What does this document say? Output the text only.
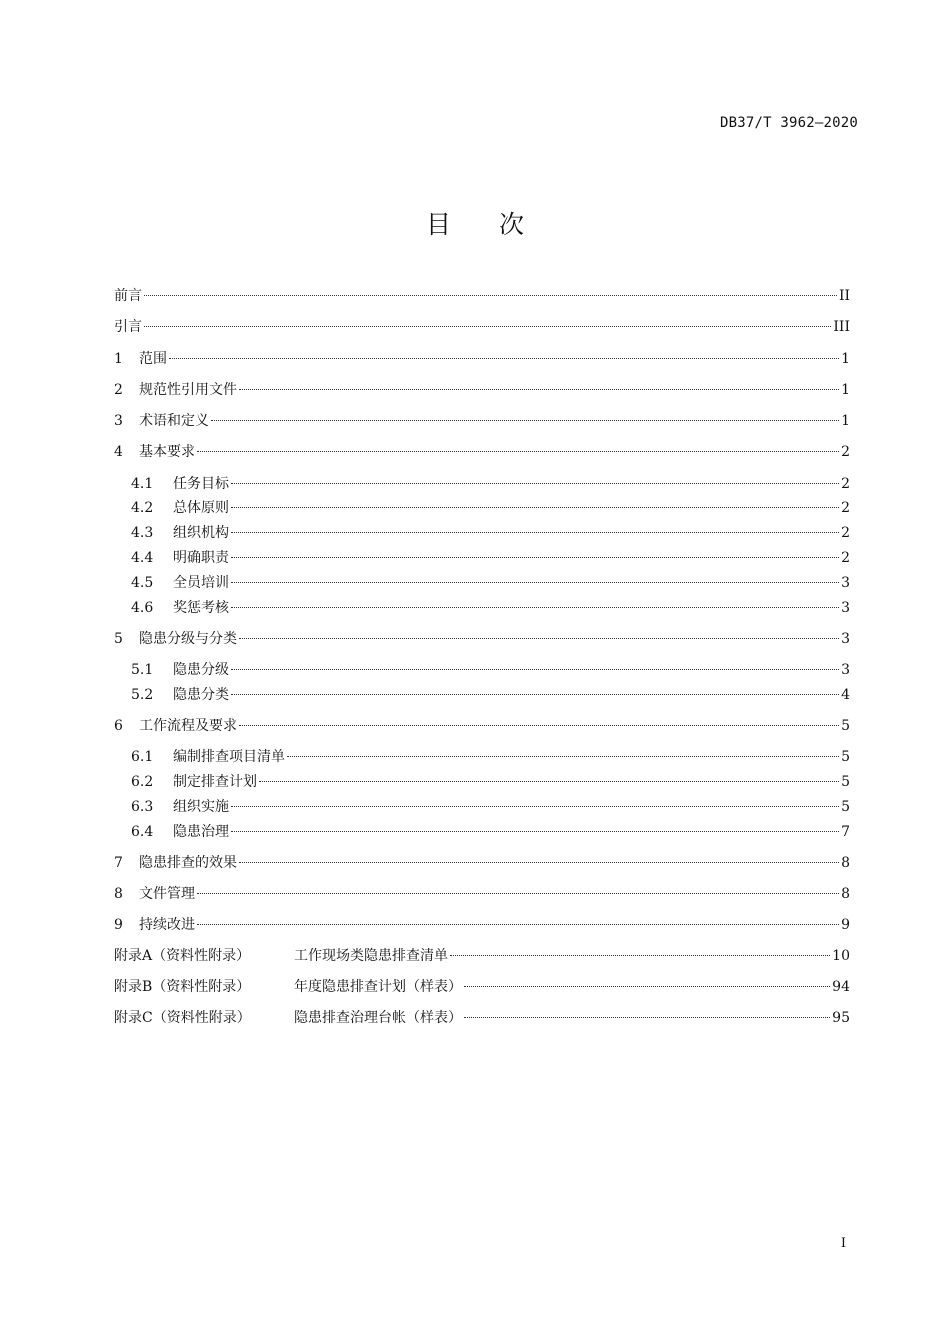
DB37/T 3962—2020
目次
前言	II
引言	III
1	范围	1
2	规范性引用文件	1
3	术语和定义	1
4	基本要求	2
4.1	任务目标	2
4.2	总体原则	2
4.3	组织机构	2
4.4	明确职责	2
4.5	全员培训	3
4.6	奖惩考核	3
5	隐患分级与分类	3
5.1	隐患分级	3
5.2	隐患分类	4
6	工作流程及要求	5
6.1	编制排查项目清单	5
6.2	制定排查计划	5
6.3	组织实施	5
6.4	隐患治理	7
7	隐患排查的效果	8
8	文件管理	8
9	持续改进	9
附录A（资料性附录）	工作现场类隐患排查清单	10
附录B（资料性附录）	年度隐患排查计划（样表）	94
附录C（资料性附录）	隐患排查治理台帐（样表）	95
I
